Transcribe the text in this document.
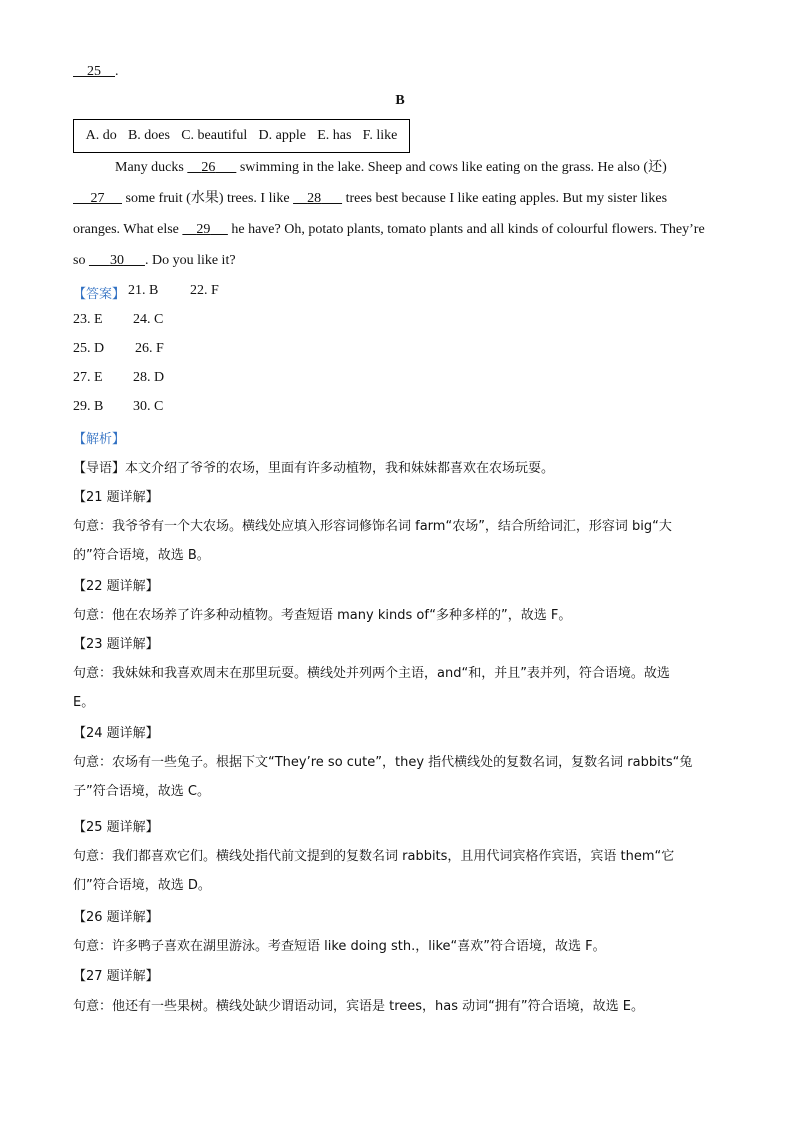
25 .
B
A. do B. does C. beautiful D. apple E. has F. like
Many ducks 26 swimming in the lake. Sheep and cows like eating on the grass. He also (还)
27 some fruit (水果) trees. I like 28 trees best because I like eating apples. But my sister likes
oranges. What else 29 he have? Oh, potato plants, tomato plants and all kinds of colourful flowers. They’re
so 30 . Do you like it?
【答案】 21. B 22. F
23. E 24. C
25. D 26. F
27. E 28. D
29. B 30. C
【解析】
【导语】本文介绍了爷爷的农场，里面有许多动植物，我和妹妹都喜欢在农场玩耍。
【21 题详解】
句意：我爷爷有一个大农场。横线处应填入形容词修饰名词 farm“农场”，结合所给词汇，形容词 big“大
的”符合语境，故选 B。
【22 题详解】
句意：他在农场养了许多种动植物。考查短语 many kinds of“多种多样的”，故选 F。
【23 题详解】
句意：我妹妹和我喜欢周末在那里玩耍。横线处并列两个主语，and“和，并且”表并列，符合语境。故选
E。
【24 题详解】
句意：农场有一些兔子。根据下文“They’re so cute”，they 指代横线处的复数名词，复数名词 rabbits“兔
子”符合语境，故选 C。
【25 题详解】
句意：我们都喜欢它们。横线处指代前文提到的复数名词 rabbits，且用代词宾格作宾语，宾语 them“它
们”符合语境，故选 D。
【26 题详解】
句意：许多鸭子喜欢在湖里游泳。考查短语 like doing sth.，like“喜欢”符合语境，故选 F。
【27 题详解】
句意：他还有一些果树。横线处缺少谓语动词，宾语是 trees，has 动词“拥有”符合语境，故选 E。
